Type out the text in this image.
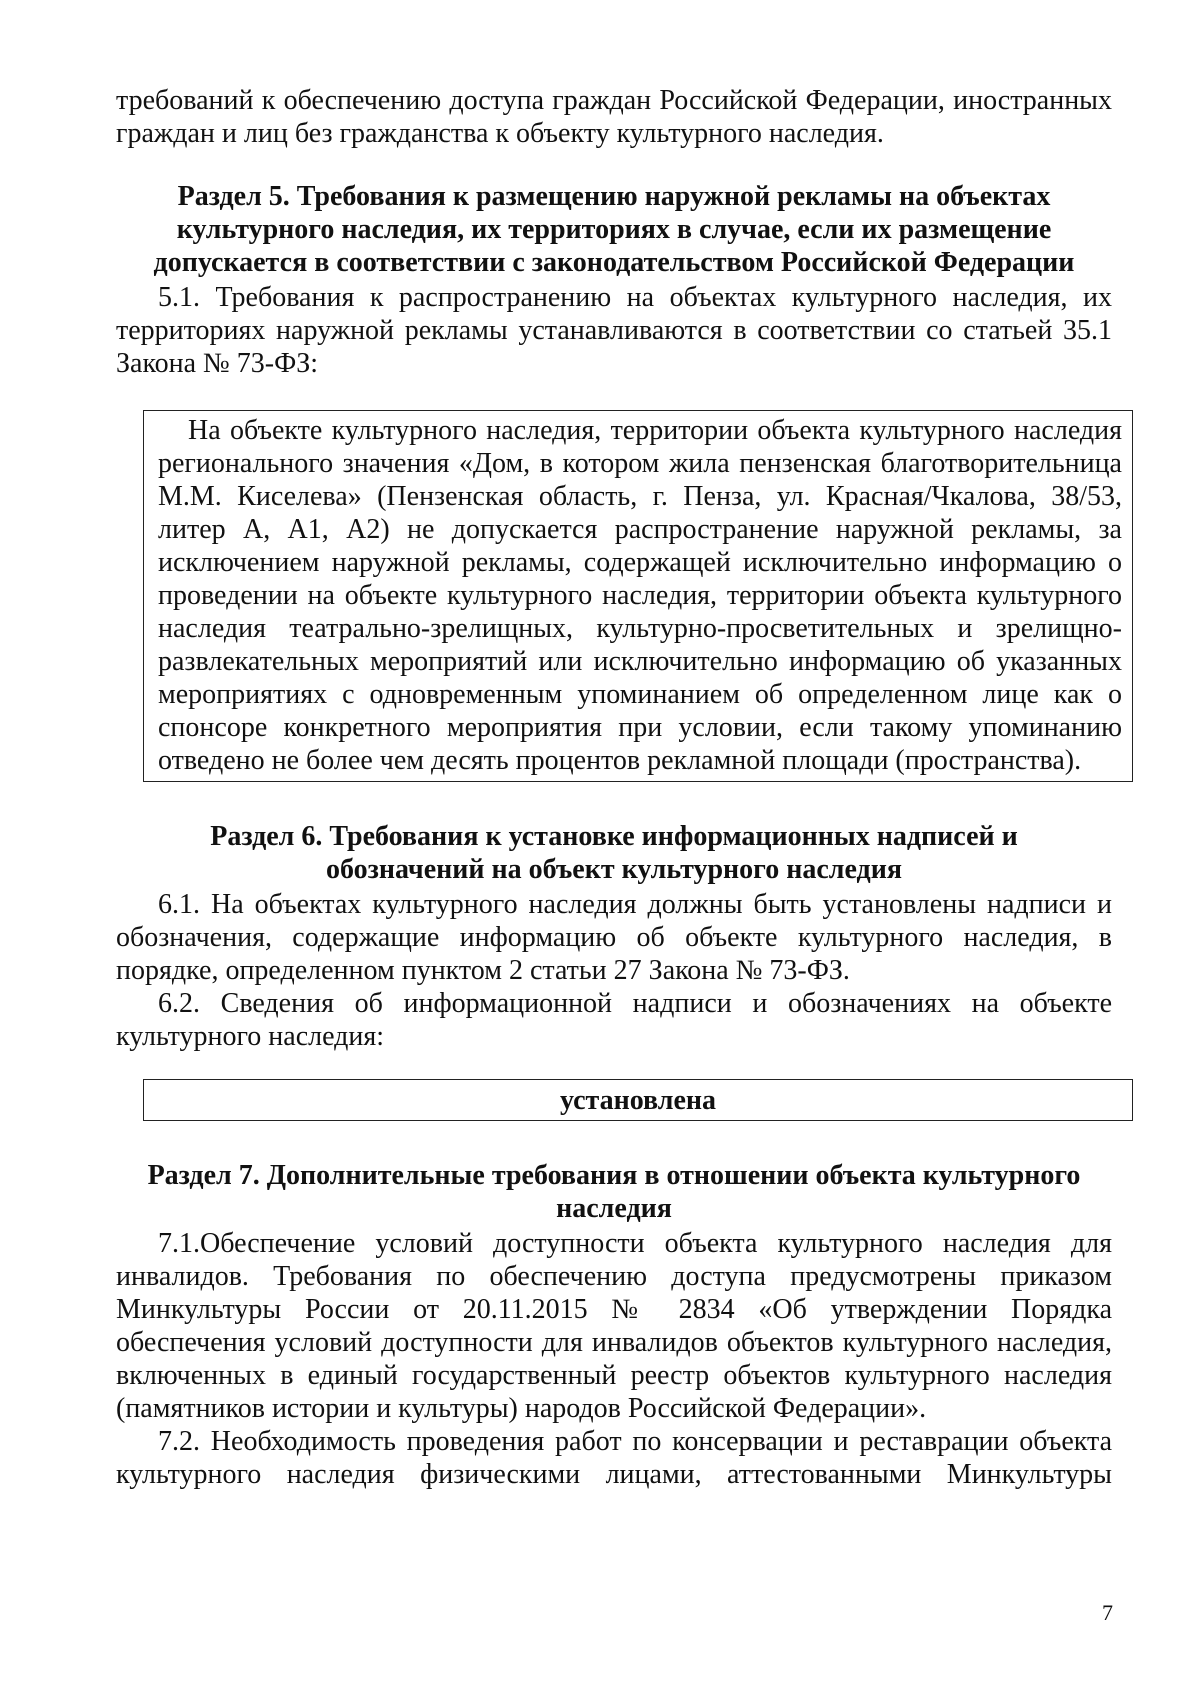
требований к обеспечению доступа граждан Российской Федерации, иностранных граждан и лиц без гражданства к объекту культурного наследия.

Раздел 5. Требования к размещению наружной рекламы на объектах

культурного наследия, их территориях в случае, если их размещение

допускается в соответствии с законодательством Российской Федерации

5.1. Требования к распространению на объектах культурного наследия, их территориях наружной рекламы устанавливаются в соответствии со статьей 35.1 Закона № 73-ФЗ:

На объекте культурного наследия, территории объекта культурного наследия регионального значения «Дом, в котором жила пензенская благотворительница М.М. Киселева» (Пензенская область, г. Пенза, ул. Красная/Чкалова, 38/53, литер А, А1, А2) не допускается распространение наружной рекламы, за исключением наружной рекламы, содержащей исключительно информацию о проведении на объекте культурного наследия, территории объекта культурного наследия театрально-зрелищных, культурно-просветительных и зрелищно-развлекательных мероприятий или исключительно информацию об указанных мероприятиях с одновременным упоминанием об определенном лице как о спонсоре конкретного мероприятия при условии, если такому упоминанию отведено не более чем десять процентов рекламной площади (пространства).

Раздел 6. Требования к установке информационных надписей и

обозначений на объект культурного наследия

6.1. На объектах культурного наследия должны быть установлены надписи и обозначения, содержащие информацию об объекте культурного наследия, в порядке, определенном пунктом 2 статьи 27 Закона № 73-ФЗ.

6.2. Сведения об информационной надписи и обозначениях на объекте культурного наследия:

установлена

Раздел 7. Дополнительные требования в отношении объекта культурного

наследия

7.1.Обеспечение условий доступности объекта культурного наследия для инвалидов. Требования по обеспечению доступа предусмотрены приказом Минкультуры России от 20.11.2015 № 2834 «Об утверждении Порядка обеспечения условий доступности для инвалидов объектов культурного наследия, включенных в единый государственный реестр объектов культурного наследия (памятников истории и культуры) народов Российской Федерации».

7.2. Необходимость проведения работ по консервации и реставрации объекта культурного наследия физическими лицами, аттестованными Минкультуры

7
